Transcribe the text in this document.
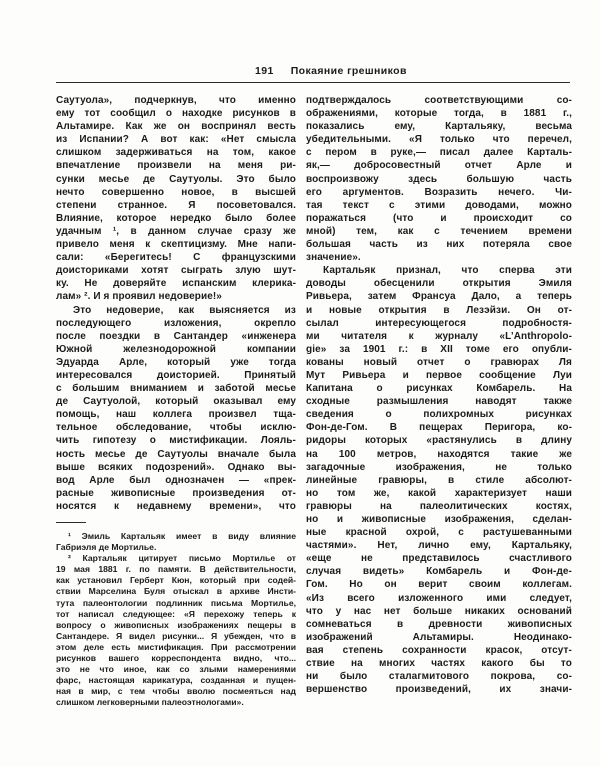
191 Покаяние грешников
Саутуола», подчеркнув, что именно
ему тот сообщил о находке рисунков в
Альтамире. Как же он воспринял весть
из Испании? А вот как: «Нет смысла
слишком задерживаться на том, какое
впечатление произвели на меня ри-
сунки месье де Саутуолы. Это было
нечто совершенно новое, в высшей
степени странное. Я посоветовался.
Влияние, которое нередко было более
удачным ¹, в данном случае сразу же
привело меня к скептицизму. Мне напи-
сали: «Берегитесь! С французскими
доисториками хотят сыграть злую шут-
ку. Не доверяйте испанским клерика-
лам» ². И я проявил недоверие!»
Это недоверие, как выясняется из
последующего изложения, окрепло
после поездки в Сантандер «инженера
Южной железнодорожной компании
Эдуарда Арле, который уже тогда
интересовался доисторией. Принятый
с большим вниманием и заботой месье
де Саутуолой, который оказывал ему
помощь, наш коллега произвел тща-
тельное обследование, чтобы исклю-
чить гипотезу о мистификации. Лояль-
ность месье де Саутуолы вначале была
выше всяких подозрений». Однако вы-
вод Арле был однозначен — «прек-
расные живописные произведения от-
носятся к недавнему времени», что
¹ Эмиль Картальяк имеет в виду влияние
Габриэля де Мортилье.
² Картальяк цитирует письмо Мортилье от
19 мая 1881 г. по памяти. В действительности,
как установил Герберт Кюн, который при содей-
ствии Марселина Буля отыскал в архиве Инсти-
тута палеонтологии подлинник письма Мортилье,
тот написал следующее: «Я перехожу теперь к
вопросу о живописных изображениях пещеры в
Сантандере. Я видел рисунки... Я убежден, что в
этом деле есть мистификация. При рассмотрении
рисунков вашего корреспондента видно, что...
это не что иное, как со злыми намерениями
фарс, настоящая карикатура, созданная и пущен-
ная в мир, с тем чтобы вволю посмеяться над
слишком легковерными палеоэтнологами».
подтверждалось соответствующими со-
ображениями, которые тогда, в 1881 г.,
показались ему, Картальяку, весьма
убедительными. «Я только что перечел,
с пером в руке,— писал далее Карталь-
як,— добросовестный отчет Арле и
воспроизвожу здесь большую часть
его аргументов. Возразить нечего. Чи-
тая текст с этими доводами, можно
поражаться (что и происходит со
мной) тем, как с течением времени
большая часть из них потеряла свое
значение».
Картальяк признал, что сперва эти
доводы обесценили открытия Эмиля
Ривьера, затем Франсуа Дало, а теперь
и новые открытия в Лезэйзи. Он от-
сылал интересующегося подробностя-
ми читателя к журналу «L’Anthropolo-
gie» за 1901 г.: в XII томе его опубли-
кованы новый отчет о гравюрах Ля
Мут Ривьера и первое сообщение Луи
Капитана о рисунках Комбарель. На
сходные размышления наводят также
сведения о полихромных рисунках
Фон-де-Гом. В пещерах Перигора, ко-
ридоры которых «растянулись в длину
на 100 метров, находятся такие же
загадочные изображения, не только
линейные гравюры, в стиле абсолют-
но том же, какой характеризует наши
гравюры на палеолитических костях,
но и живописные изображения, сделан-
ные красной охрой, с растушеванными
частями». Нет, лично ему, Картальяку,
«еще не представилось счастливого
случая видеть» Комбарель и Фон-де-
Гом. Но он верит своим коллегам.
«Из всего изложенного ими следует,
что у нас нет больше никаких оснований
сомневаться в древности живописных
изображений Альтамиры. Неодинако-
вая степень сохранности красок, отсут-
ствие на многих частях какого бы то
ни было сталагмитового покрова, со-
вершенство произведений, их значи-
